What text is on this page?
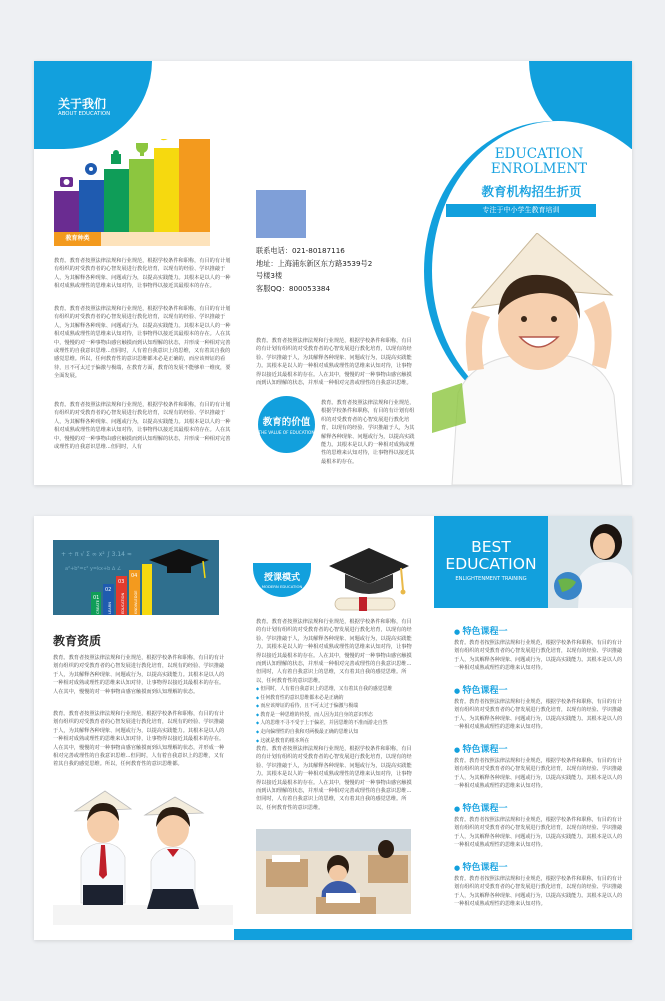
关于我们
ABOUT EDUCATION
教育种类
教育。教育者按照法律法规和行业规范，根据学校条件和职称，有目的有计划有组织的对受教育者的心智发展进行教化培育，以现有的经验、学识推敲于人，为其解释各种现象、问题或行为，以提高实践能力。其根本是以人的一种相对成熟或理性的思维来认知对待，让事物得以接近其最根本的存在。
教育。教育者按照法律法规和行业规范，根据学校条件和职称，有目的有计划有组织的对受教育者的心智发展进行教化培育，以现有的经验、学识推敲于人，为其解释各种现象、问题或行为，以提高实践能力。其根本是以人的一种相对成熟或理性的思维来认知对待，让事物得以接近其最根本的存在。人在其中，慢慢的对一种事物由感官触摸而到认知理解的状态，并形成一种相对完善或理性的自我意识思维...但同时，人有着自我意识上的思维，又有着其自我的感觉思维。所以，任何教育性的意识思维都未必是正确的，而应该辩证的看待，且不可太过于偏激与极端，在教育方面，教育的发展不能够单一维度，要全面发展。
教育。教育者按照法律法规和行业规范，根据学校条件和职称，有目的有计划有组织的对受教育者的心智发展进行教化培育，以现有的经验、学识推敲于人，为其解释各种现象、问题或行为，以提高实践能力。其根本是以人的一种相对成熟或理性的思维来认知对待，让事物得以接近其最根本的存在。人在其中，慢慢的对一种事物由感官触摸而到认知理解的状态，并形成一种相对完善或理性的自我意识思维...但同时，人有
联系电话：021-80187116
地址：上海浦东新区东方路3539号2
号楼3楼
客服QQ：800053384
教育。教育者按照法律法规和行业规范，根据学校条件和职称，有目的有计划有组织的对受教育者的心智发展进行教化培育，以现有的经验、学识推敲于人，为其解释各种现象、问题或行为，以提高实践能力。其根本是以人的一种相对成熟或理性的思维来认知对待，让事物得以接近其最根本的存在。人在其中，慢慢的对一种事物由感官触摸而到认知理解的状态，并形成一种相对完善或理性的自我意识思维。
教育的价值
THE VALUE OF EDUCATION
教育。教育者按照法律法规和行业规范，根据学校条件和职称，有目的有计划有组织的对受教育者的心智发展进行教化培育，以现有的经验、学识推敲于人，为其解释各种现象、问题或行为，以提高实践能力。其根本是以人的一种相对成熟或理性的思维来认知对待，让事物得以接近其最根本的存在。
EDUCATION
ENROLMENT
教育机构招生折页
专注于中小学生教育培训
+ ÷ π √ Σ ∞ x² ∫ 3.14 ≈
a²+b²=c² y=kx+b ∆ ∠
01
02
03
04
CREATE LEARN	EDUCATION	KNOWLEDGE
教育资质
教育。教育者按照法律法规和行业规范，根据学校条件和职称，有目的有计划有组织的对受教育者的心智发展进行教化培育，以现有的经验、学识推敲于人，为其解释各种现象、问题或行为，以提高实践能力。其根本是以人的一种相对成熟或理性的思维来认知对待，让事物得以接近其最根本的存在。人在其中，慢慢的对一种事物由感官触摸而到认知理解的状态。
教育。教育者按照法律法规和行业规范，根据学校条件和职称，有目的有计划有组织的对受教育者的心智发展进行教化培育，以现有的经验、学识推敲于人，为其解释各种现象、问题或行为，以提高实践能力。其根本是以人的一种相对成熟或理性的思维来认知对待，让事物得以接近其最根本的存在。人在其中，慢慢的对一种事物由感官触摸而到认知理解的状态，并形成一种相对完善或理性的自我意识思维...但同时，人有着自我意识上的思维，又有着其自我的感觉思维。所以，任何教育性的意识思维都。
授课模式
MODERN EDUCATION
教育。教育者按照法律法规和行业规范，根据学校条件和职称，有目的有计划有组织的对受教育者的心智发展进行教化培育，以现有的经验、学识推敲于人，为其解释各种现象、问题或行为，以提高实践能力。其根本是以人的一种相对成熟或理性的思维来认知对待，让事物得以接近其最根本的存在。人在其中，慢慢的对一种事物由感官触摸而到认知理解的状态，并形成一种相对完善或理性的自我意识思维...但同时，人有着自我意识上的思维，又有着其自我的感觉思维。所以，任何教育性的意识思维。
◆ 但同时，人有着自我意识上的思维，又有着其自我的感觉思维
◆ 任何教育性的意识思维都未必是正确的
◆ 而应该辩证的看待，且不可太过于偏激与极端
◆ 教育是一种思维的传授，而人因为其自身的意识形态
◆ 人的思维不寻不受于上于偏差，并因思维的不准而游走自然
◆ 走向偏理性的自我和对两极最正确的思维认知
◆ 这就是教育的根本所在
教育。教育者按照法律法规和行业规范，根据学校条件和职称，有目的有计划有组织的对受教育者的心智发展进行教化培育，以现有的经验、学识推敲于人，为其解释各种现象、问题或行为，以提高实践能力。其根本是以人的一种相对成熟或理性的思维来认知对待，让事物得以接近其最根本的存在。人在其中，慢慢的对一种事物由感官触摸而到认知理解的状态，并形成一种相对完善或理性的自我意识思维...但同时，人有着自我意识上的思维，又有着其自我的感觉思维。所以，任何教育性的意识思维。
BEST
EDUCATION
ENLIGHTENMENT TRAINING
● 特色课程一
教育。教育者按照法律法规和行业规范，根据学校条件和职称，有目的有计划有组织的对受教育者的心智发展进行教化培育，以现有的经验、学识推敲于人，为其解释各种现象、问题或行为，以提高实践能力。其根本是以人的一种相对成熟或理性的思维来认知对待。
● 特色课程一
教育。教育者按照法律法规和行业规范，根据学校条件和职称，有目的有计划有组织的对受教育者的心智发展进行教化培育，以现有的经验、学识推敲于人，为其解释各种现象、问题或行为，以提高实践能力。其根本是以人的一种相对成熟或理性的思维来认知对待。
● 特色课程一
教育。教育者按照法律法规和行业规范，根据学校条件和职称，有目的有计划有组织的对受教育者的心智发展进行教化培育，以现有的经验、学识推敲于人，为其解释各种现象、问题或行为，以提高实践能力。其根本是以人的一种相对成熟或理性的思维来认知对待。
● 特色课程一
教育。教育者按照法律法规和行业规范，根据学校条件和职称，有目的有计划有组织的对受教育者的心智发展进行教化培育，以现有的经验、学识推敲于人，为其解释各种现象、问题或行为，以提高实践能力。其根本是以人的一种相对成熟或理性的思维来认知对待。
● 特色课程一
教育。教育者按照法律法规和行业规范，根据学校条件和职称，有目的有计划有组织的对受教育者的心智发展进行教化培育，以现有的经验、学识推敲于人，为其解释各种现象、问题或行为，以提高实践能力。其根本是以人的一种相对成熟或理性的思维来认知对待。
